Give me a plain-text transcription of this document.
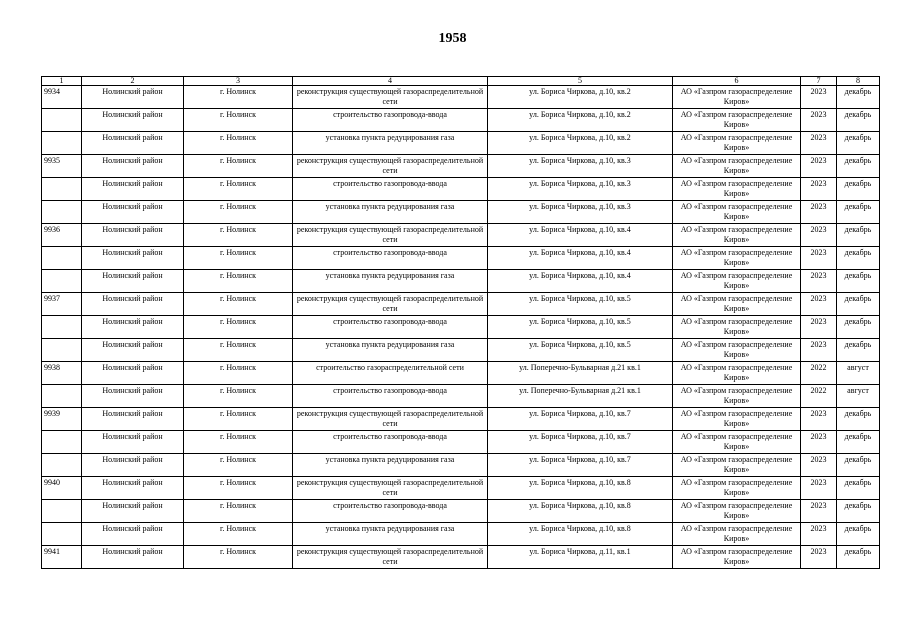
1958
1	2	3	4	5	6	7	8
9934	Нолинский район	г. Нолинск	реконструкция существующей газораспределительной сети	ул. Бориса Чиркова, д.10, кв.2	АО «Газпром газораспределение Киров»	2023	декабрь
	Нолинский район	г. Нолинск	строительство газопровода-ввода	ул. Бориса Чиркова, д.10, кв.2	АО «Газпром газораспределение Киров»	2023	декабрь
	Нолинский район	г. Нолинск	установка пункта редуцирования газа	ул. Бориса Чиркова, д.10, кв.2	АО «Газпром газораспределение Киров»	2023	декабрь
9935	Нолинский район	г. Нолинск	реконструкция существующей газораспределительной сети	ул. Бориса Чиркова, д.10, кв.3	АО «Газпром газораспределение Киров»	2023	декабрь
	Нолинский район	г. Нолинск	строительство газопровода-ввода	ул. Бориса Чиркова, д.10, кв.3	АО «Газпром газораспределение Киров»	2023	декабрь
	Нолинский район	г. Нолинск	установка пункта редуцирования газа	ул. Бориса Чиркова, д.10, кв.3	АО «Газпром газораспределение Киров»	2023	декабрь
9936	Нолинский район	г. Нолинск	реконструкция существующей газораспределительной сети	ул. Бориса Чиркова, д.10, кв.4	АО «Газпром газораспределение Киров»	2023	декабрь
	Нолинский район	г. Нолинск	строительство газопровода-ввода	ул. Бориса Чиркова, д.10, кв.4	АО «Газпром газораспределение Киров»	2023	декабрь
	Нолинский район	г. Нолинск	установка пункта редуцирования газа	ул. Бориса Чиркова, д.10, кв.4	АО «Газпром газораспределение Киров»	2023	декабрь
9937	Нолинский район	г. Нолинск	реконструкция существующей газораспределительной сети	ул. Бориса Чиркова, д.10, кв.5	АО «Газпром газораспределение Киров»	2023	декабрь
	Нолинский район	г. Нолинск	строительство газопровода-ввода	ул. Бориса Чиркова, д.10, кв.5	АО «Газпром газораспределение Киров»	2023	декабрь
	Нолинский район	г. Нолинск	установка пункта редуцирования газа	ул. Бориса Чиркова, д.10, кв.5	АО «Газпром газораспределение Киров»	2023	декабрь
9938	Нолинский район	г. Нолинск	строительство газораспределительной сети	ул. Поперечно-Бульварная д.21 кв.1	АО «Газпром газораспределение Киров»	2022	август
	Нолинский район	г. Нолинск	строительство газопровода-ввода	ул. Поперечно-Бульварная д.21 кв.1	АО «Газпром газораспределение Киров»	2022	август
9939	Нолинский район	г. Нолинск	реконструкция существующей газораспределительной сети	ул. Бориса Чиркова, д.10, кв.7	АО «Газпром газораспределение Киров»	2023	декабрь
	Нолинский район	г. Нолинск	строительство газопровода-ввода	ул. Бориса Чиркова, д.10, кв.7	АО «Газпром газораспределение Киров»	2023	декабрь
	Нолинский район	г. Нолинск	установка пункта редуцирования газа	ул. Бориса Чиркова, д.10, кв.7	АО «Газпром газораспределение Киров»	2023	декабрь
9940	Нолинский район	г. Нолинск	реконструкция существующей газораспределительной сети	ул. Бориса Чиркова, д.10, кв.8	АО «Газпром газораспределение Киров»	2023	декабрь
	Нолинский район	г. Нолинск	строительство газопровода-ввода	ул. Бориса Чиркова, д.10, кв.8	АО «Газпром газораспределение Киров»	2023	декабрь
	Нолинский район	г. Нолинск	установка пункта редуцирования газа	ул. Бориса Чиркова, д.10, кв.8	АО «Газпром газораспределение Киров»	2023	декабрь
9941	Нолинский район	г. Нолинск	реконструкция существующей газораспределительной сети	ул. Бориса Чиркова, д.11, кв.1	АО «Газпром газораспределение Киров»	2023	декабрь
